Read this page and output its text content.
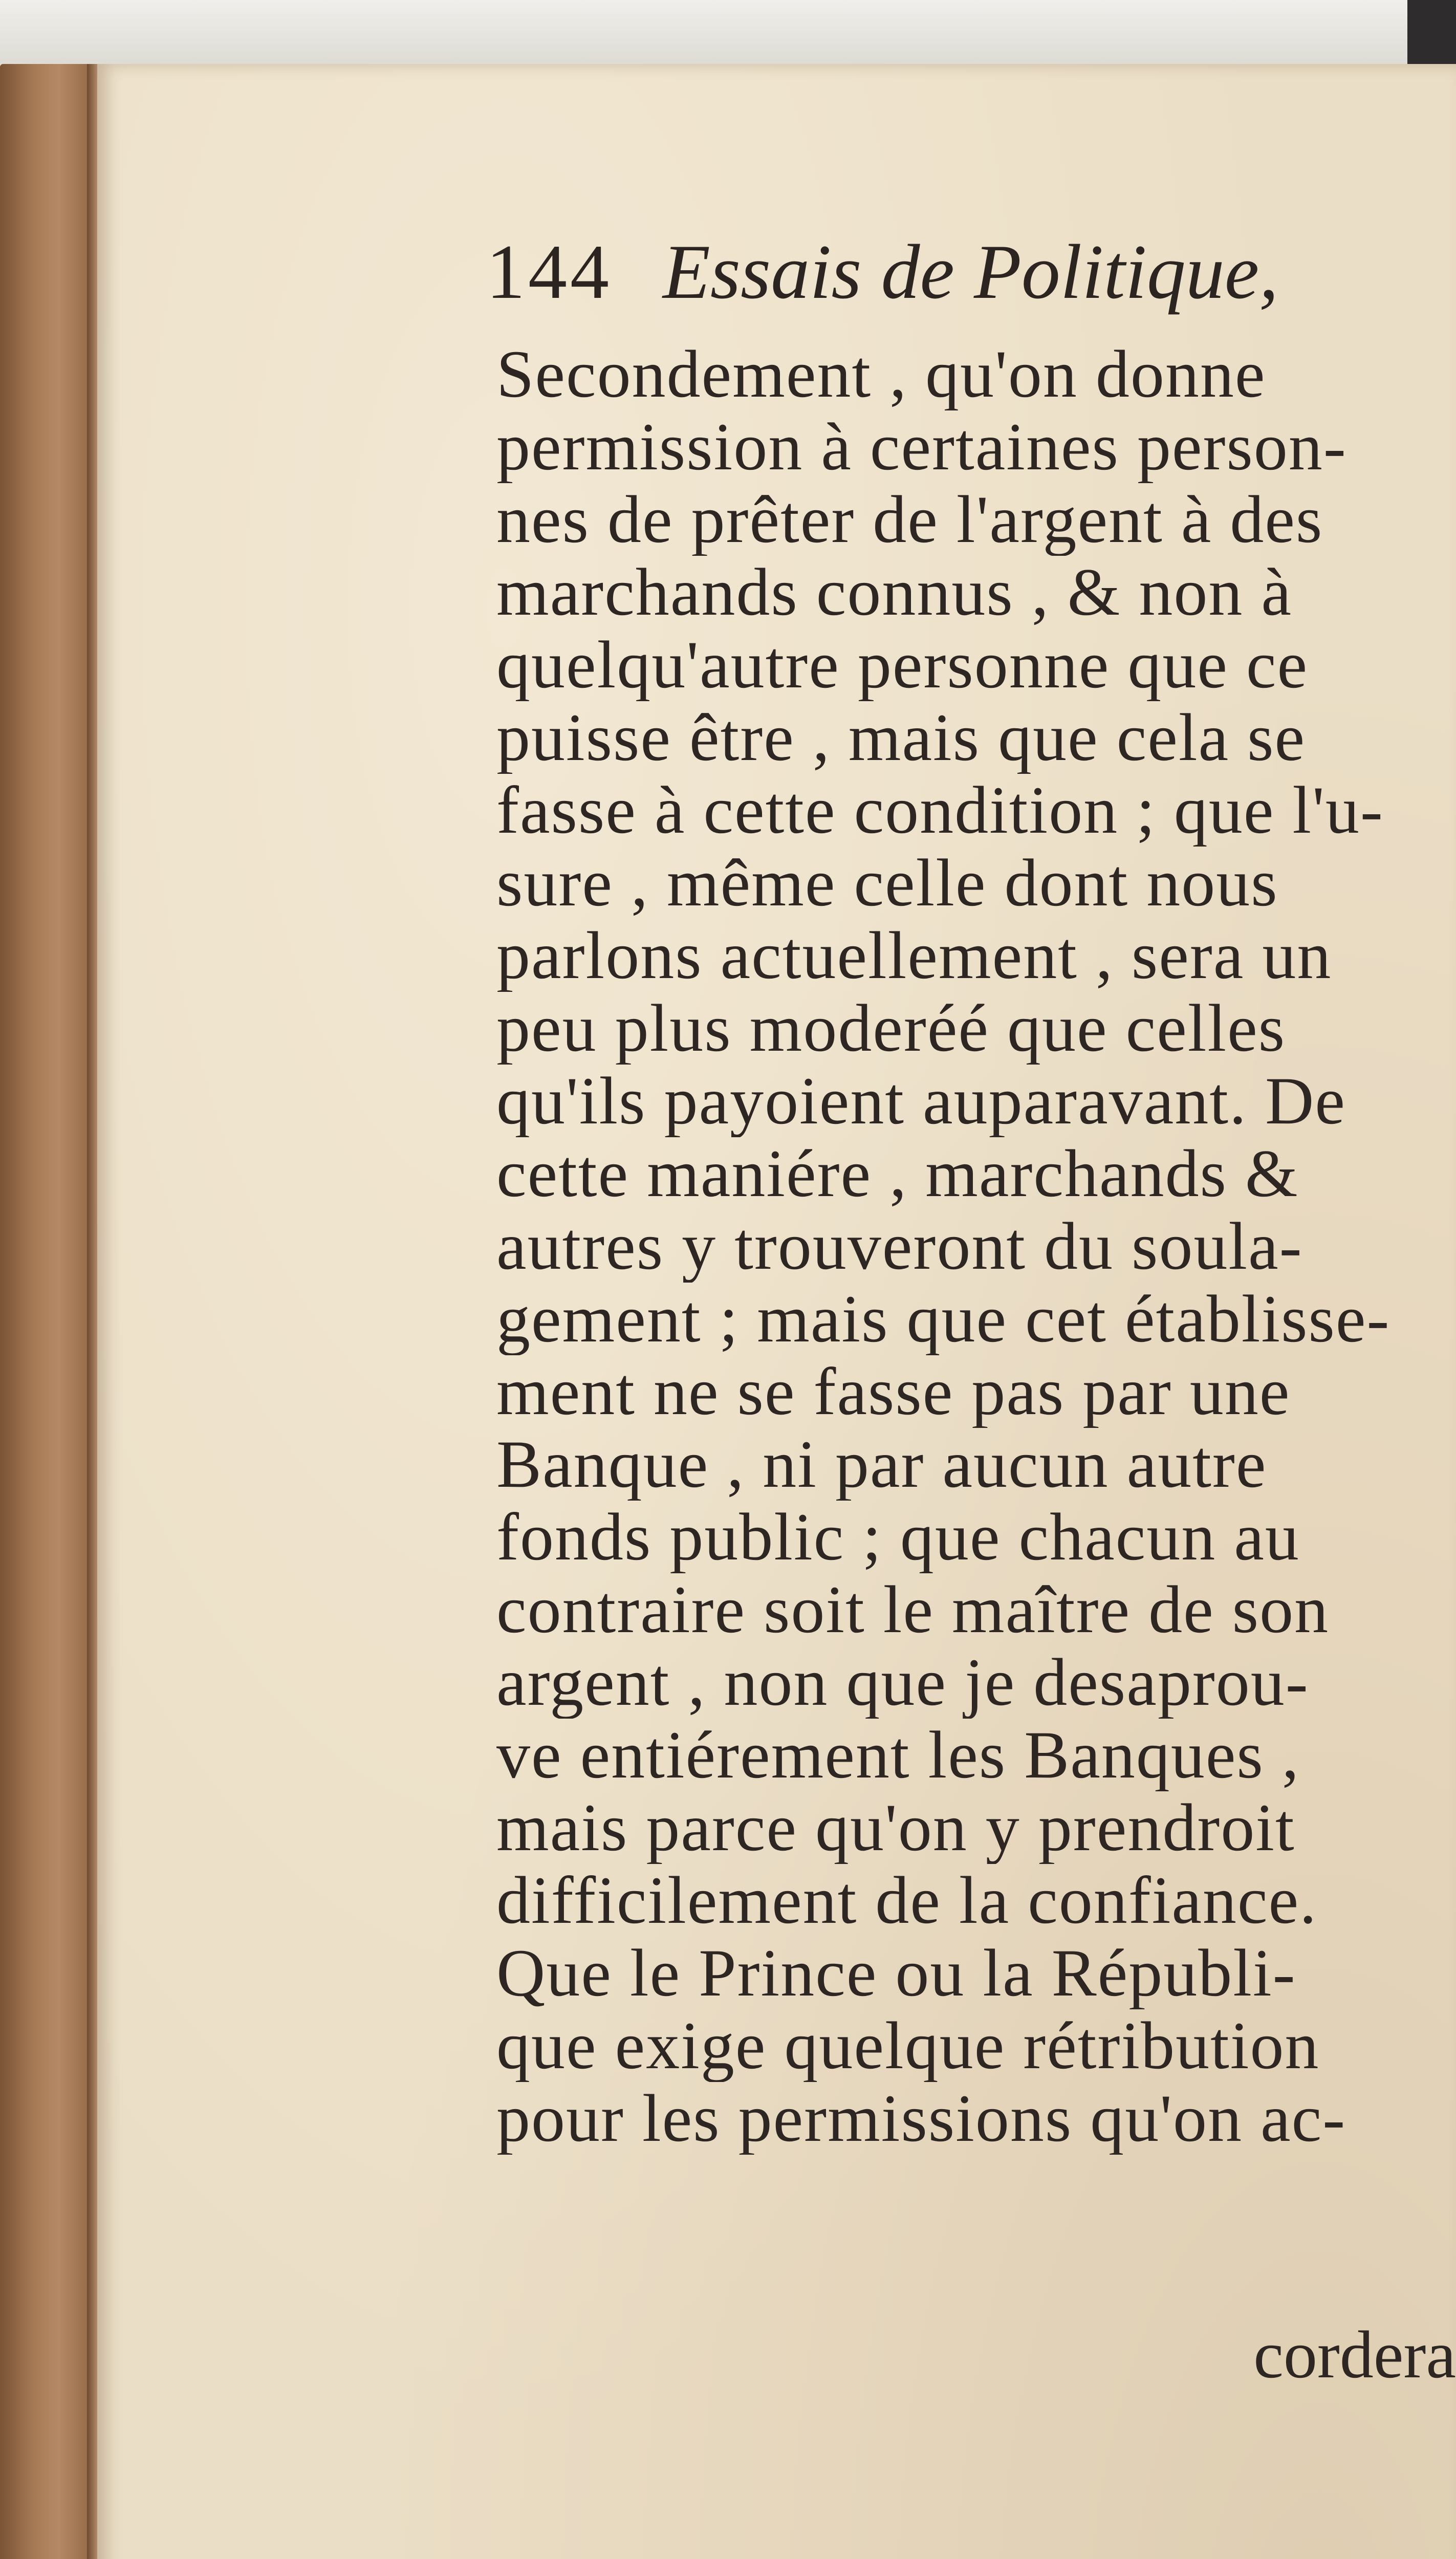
144 Essais de Politique,
Secondement , qu'on donne
permission à certaines person-
nes de prêter de l'argent à des
marchands connus , & non à
quelqu'autre personne que ce
puisse être , mais que cela se
fasse à cette condition ; que l'u-
sure , même celle dont nous
parlons actuellement , sera un
peu plus moderéé que celles
qu'ils payoient auparavant. De
cette maniére , marchands &
autres y trouveront du soula-
gement ; mais que cet établisse-
ment ne se fasse pas par une
Banque , ni par aucun autre
fonds public ; que chacun au
contraire soit le maître de son
argent , non que je desaprou-
ve entiérement les Banques ,
mais parce qu'on y prendroit
difficilement de la confiance.
Que le Prince ou la Républi-
que exige quelque rétribution
pour les permissions qu'on ac-
cordera
